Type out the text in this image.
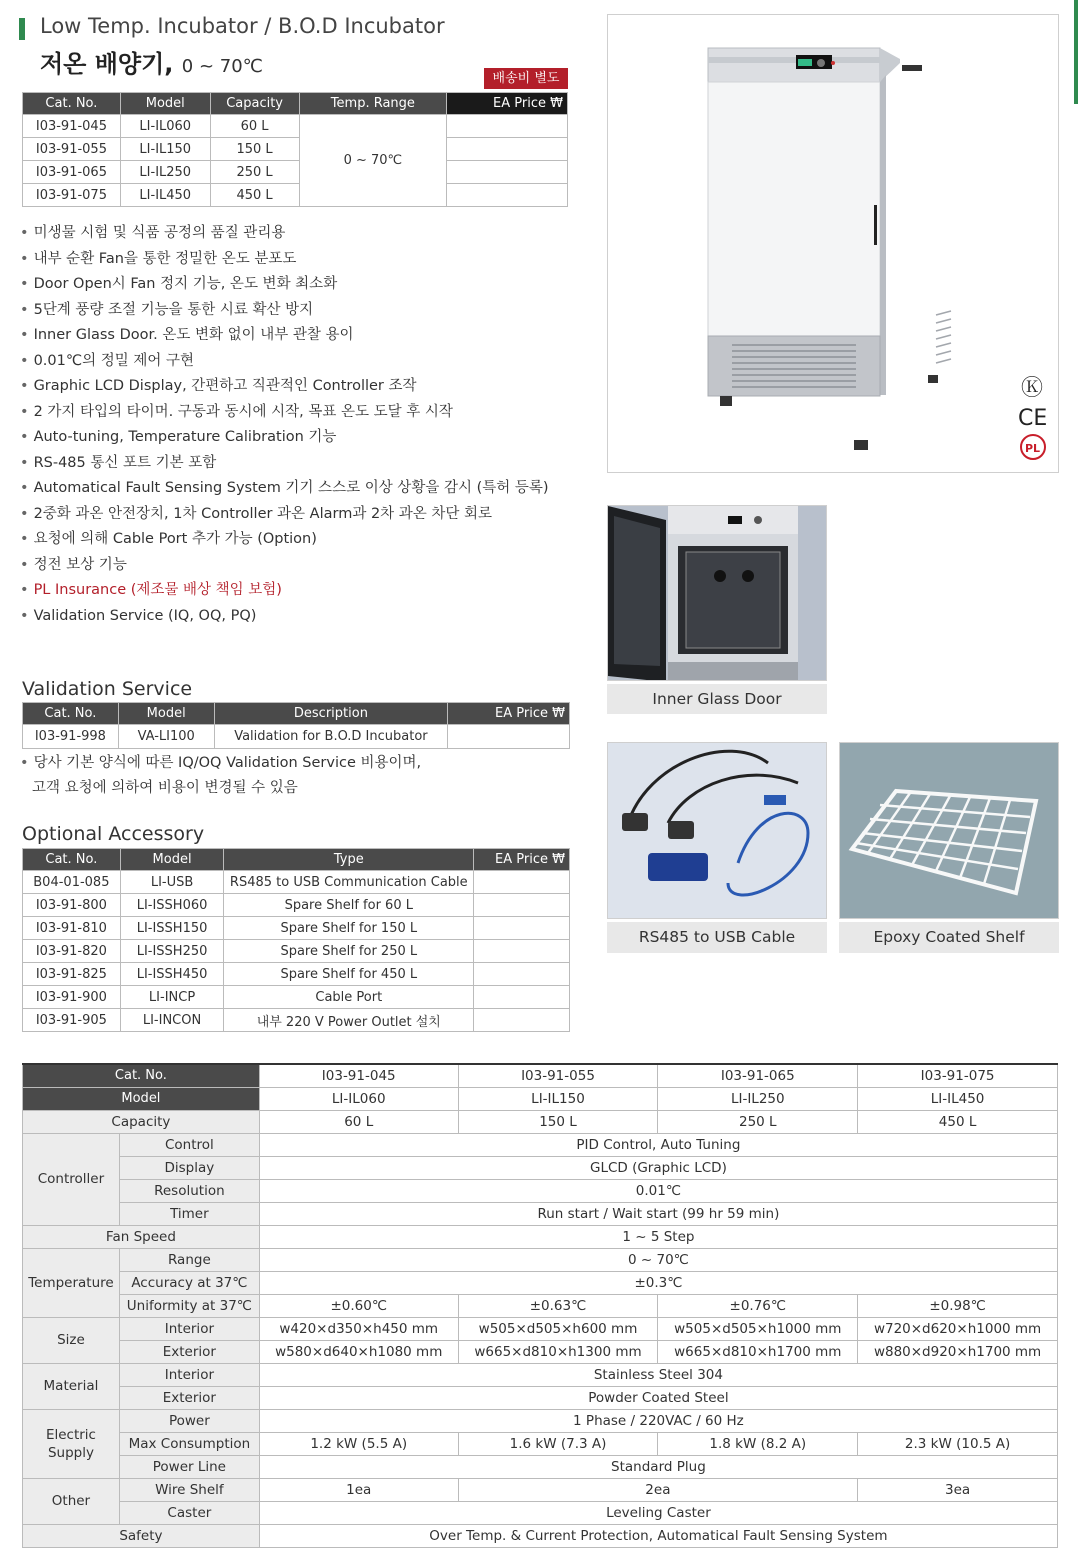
Low Temp. Incubator / B.O.D Incubator
저온 배양기, 0 ~ 70℃
배송비 별도
Cat. No.	Model	Capacity	Temp. Range	EA Price ₩
I03-91-045	LI-IL060	60 L	0 ~ 70℃	
I03-91-055	LI-IL150	150 L		
I03-91-065	LI-IL250	250 L		
I03-91-075	LI-IL450	450 L		
• 미생물 시험 및 식품 공정의 품질 관리용
• 내부 순환 Fan을 통한 정밀한 온도 분포도
• Door Open시 Fan 정지 기능, 온도 변화 최소화
• 5단계 풍량 조절 기능을 통한 시료 확산 방지
• Inner Glass Door. 온도 변화 없이 내부 관찰 용이
• 0.01℃의 정밀 제어 구현
• Graphic LCD Display, 간편하고 직관적인 Controller 조작
• 2 가지 타입의 타이머. 구동과 동시에 시작, 목표 온도 도달 후 시작
• Auto-tuning, Temperature Calibration 기능
• RS-485 통신 포트 기본 포함
• Automatical Fault Sensing System 기기 스스로 이상 상황을 감시 (특허 등록)
• 2중화 과온 안전장치, 1차 Controller 과온 Alarm과 2차 과온 차단 회로
• 요청에 의해 Cable Port 추가 가능 (Option)
• 정전 보상 기능
• PL Insurance (제조물 배상 책임 보험)
• Validation Service (IQ, OQ, PQ)
Validation Service
Cat. No.	Model	Description	EA Price ₩
I03-91-998	VA-LI100	Validation for B.O.D Incubator	
• 당사 기본 양식에 따른 IQ/OQ Validation Service 비용이며,
고객 요청에 의하여 비용이 변경될 수 있음
Optional Accessory
Cat. No.	Model	Type	EA Price ₩
B04-01-085	LI-USB	RS485 to USB Communication Cable	
I03-91-800	LI-ISSH060	Spare Shelf for 60 L	
I03-91-810	LI-ISSH150	Spare Shelf for 150 L	
I03-91-820	LI-ISSH250	Spare Shelf for 250 L	
I03-91-825	LI-ISSH450	Spare Shelf for 450 L	
I03-91-900	LI-INCP	Cable Port	
I03-91-905	LI-INCON	내부 220 V Power Outlet 설치	
Ⓚ
CE
PL
Inner Glass Door
RS485 to USB Cable	Epoxy Coated Shelf
Cat. No.		I03-91-045	I03-91-055	I03-91-065	I03-91-075
Model		LI-IL060	LI-IL150	LI-IL250	LI-IL450
Capacity		60 L	150 L	250 L	450 L
Controller	Control	PID Control, Auto Tuning			
	Display	GLCD (Graphic LCD)			
	Resolution	0.01℃			
	Timer	Run start / Wait start (99 hr 59 min)			
Fan Speed		1 ~ 5 Step			
Temperature	Range	0 ~ 70℃			
	Accuracy at 37℃	±0.3℃			
	Uniformity at 37℃	±0.60℃	±0.63℃	±0.76℃	±0.98℃
Size	Interior	w420×d350×h450 mm	w505×d505×h600 mm	w505×d505×h1000 mm	w720×d620×h1000 mm
	Exterior	w580×d640×h1080 mm	w665×d810×h1300 mm	w665×d810×h1700 mm	w880×d920×h1700 mm
Material	Interior	Stainless Steel 304			
	Exterior	Powder Coated Steel			
Electric
Supply	Power	1 Phase / 220VAC / 60 Hz			
	Max Consumption	1.2 kW (5.5 A)	1.6 kW (7.3 A)	1.8 kW (8.2 A)	2.3 kW (10.5 A)
	Power Line	Standard Plug			
Other	Wire Shelf	1ea	2ea		3ea
	Caster	Leveling Caster			
Safety		Over Temp. & Current Protection, Automatical Fault Sensing System			
